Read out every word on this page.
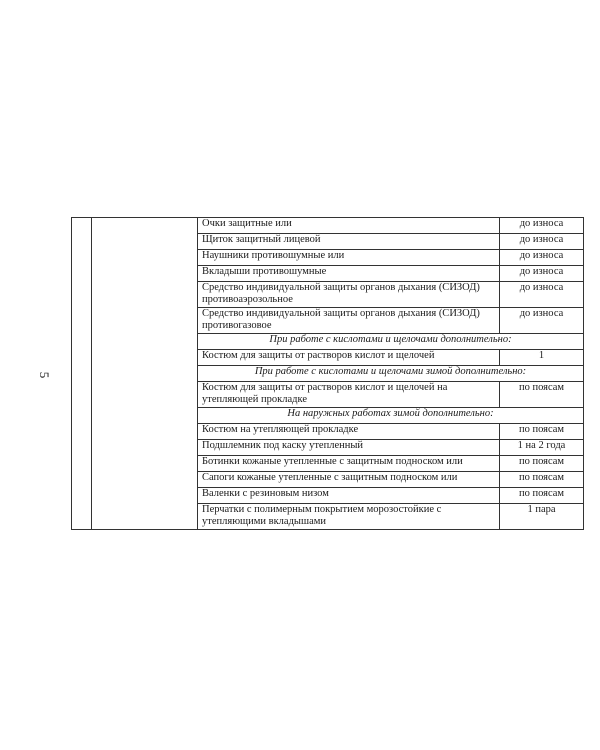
5
		Очки защитные или	до износа
		Щиток защитный лицевой	до износа
		Наушники противошумные или	до износа
		Вкладыши противошумные	до износа
		Средство индивидуальной защиты органов дыхания (СИЗОД) противоаэрозольное	до износа
		Средство индивидуальной защиты органов дыхания (СИЗОД) противогазовое	до износа
		При работе с кислотами и щелочами дополнительно:	
		Костюм для защиты от растворов кислот и щелочей	1
		При работе с кислотами и щелочами зимой дополнительно:	
		Костюм для защиты от растворов кислот и щелочей на утепляющей прокладке	по поясам
		На наружных работах зимой дополнительно:	
		Костюм на утепляющей прокладке	по поясам
		Подшлемник под каску утепленный	1 на 2 года
		Ботинки кожаные утепленные с защитным подноском или	по поясам
		Сапоги кожаные утепленные с защитным подноском или	по поясам
		Валенки с резиновым низом	по поясам
		Перчатки с полимерным покрытием морозостойкие с утепляющими вкладышами	1 пара
